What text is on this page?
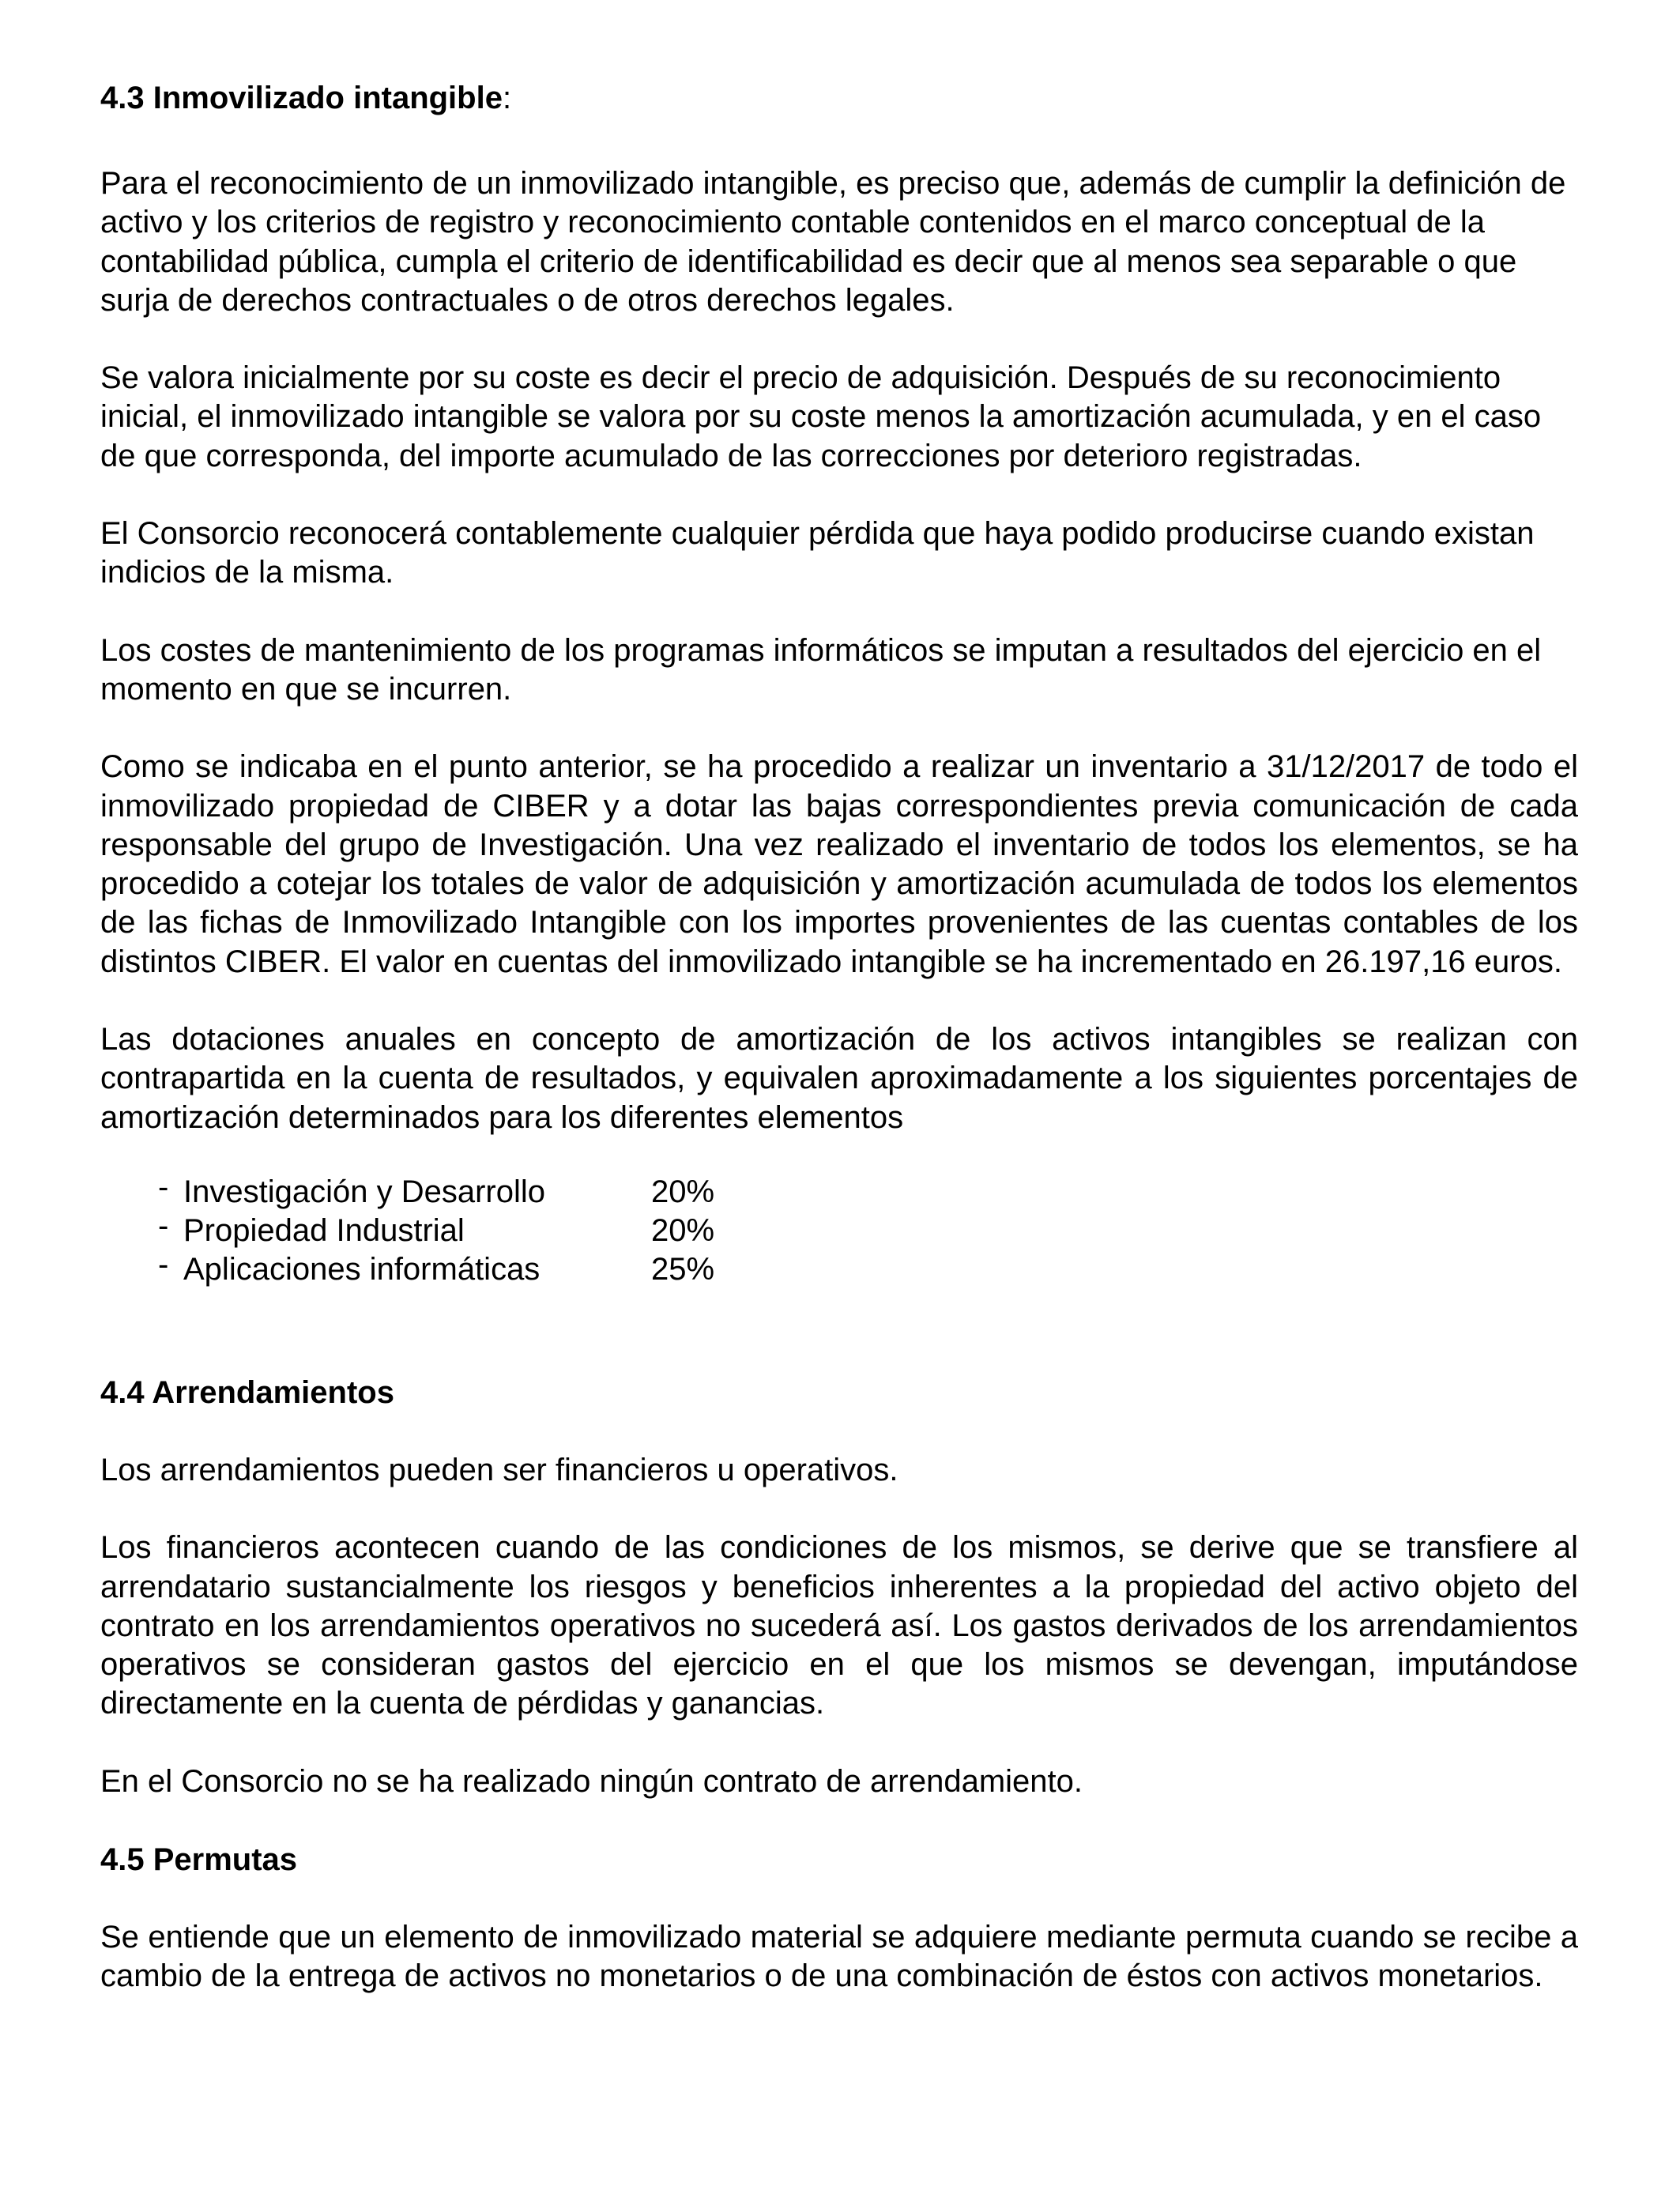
4.3 Inmovilizado intangible:

Para el reconocimiento de un inmovilizado intangible, es preciso que, además de cumplir la definición de activo y los criterios de registro y reconocimiento contable contenidos en el marco conceptual de la contabilidad pública, cumpla el criterio de identificabilidad es decir que al menos sea separable o que surja de derechos contractuales o de otros derechos legales.

Se valora inicialmente por su coste es decir el precio de adquisición. Después de su reconocimiento inicial, el inmovilizado intangible se valora por su coste menos la amortización acumulada, y en el caso de que corresponda, del importe acumulado de las correcciones por deterioro registradas.

El Consorcio reconocerá contablemente cualquier pérdida que haya podido producirse cuando existan indicios de la misma.

Los costes de mantenimiento de los programas informáticos se imputan a resultados del ejercicio en el momento en que se incurren.

Como se indicaba en el punto anterior, se ha procedido a realizar un inventario a 31/12/2017 de todo el inmovilizado propiedad de CIBER y a dotar las bajas correspondientes previa comunicación de cada responsable del grupo de Investigación. Una vez realizado el inventario de todos los elementos, se ha procedido a cotejar los totales de valor de adquisición y amortización acumulada de todos los elementos de las fichas de Inmovilizado Intangible con los importes provenientes de las cuentas contables de los distintos CIBER. El valor en cuentas del inmovilizado intangible se ha incrementado en 26.197,16 euros.

Las dotaciones anuales en concepto de amortización de los activos intangibles se realizan con contrapartida en la cuenta de resultados, y equivalen aproximadamente a los siguientes porcentajes de amortización determinados para los diferentes elementos

- Investigación y Desarrollo	20%
- Propiedad Industrial	20%
- Aplicaciones informáticas	25%
4.4 Arrendamientos

Los arrendamientos pueden ser financieros u operativos.

Los financieros acontecen cuando de las condiciones de los mismos, se derive que se transfiere al arrendatario sustancialmente los riesgos y beneficios inherentes a la propiedad del activo objeto del contrato en los arrendamientos operativos no sucederá así. Los gastos derivados de los arrendamientos operativos se consideran gastos del ejercicio en el que los mismos se devengan, imputándose directamente en la cuenta de pérdidas y ganancias.

En el Consorcio no se ha realizado ningún contrato de arrendamiento.

4.5 Permutas

Se entiende que un elemento de inmovilizado material se adquiere mediante permuta cuando se recibe a cambio de la entrega de activos no monetarios o de una combinación de éstos con activos monetarios.
